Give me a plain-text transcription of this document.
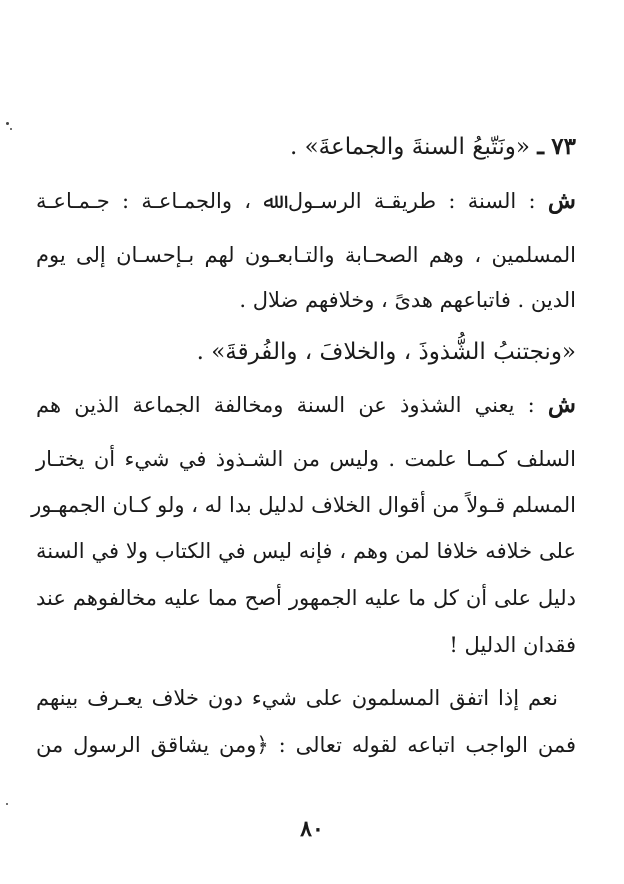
٧٣ ـ «ونَتّبعُ السنةَ والجماعةَ» .
ش : السنة : طريقـة الرسـول ﷲ ، والجمـاعـة : جـمـاعـة
المسلمين ، وهم الصحـابة والتـابعـون لهم بـإحسـان إلى يوم
الدين . فاتباعهم هدىً ، وخلافهم ضلال .
«ونجتنبُ الشُّذوذَ ، والخلافَ ، والفُرقةَ» .
ش : يعني الشذوذ عن السنة ومخالفة الجماعة الذين هم
السلف كـمـا علمت . وليس من الشـذوذ في شيء أن يختـار
المسلم قـولاً من أقوال الخلاف لدليل بدا له ، ولو كـان الجمهـور
على خلافه خلافا لمن وهم ، فإنه ليس في الكتاب ولا في السنة
دليل على أن كل ما عليه الجمهور أصح مما عليه مخالفوهم عند
فقدان الدليل !
نعم إذا اتفق المسلمون على شيء دون خلاف يعـرف بينهم
فمن الواجب اتباعه لقوله تعالى : ﴿ومن يشاقق الرسول من
٨٠
